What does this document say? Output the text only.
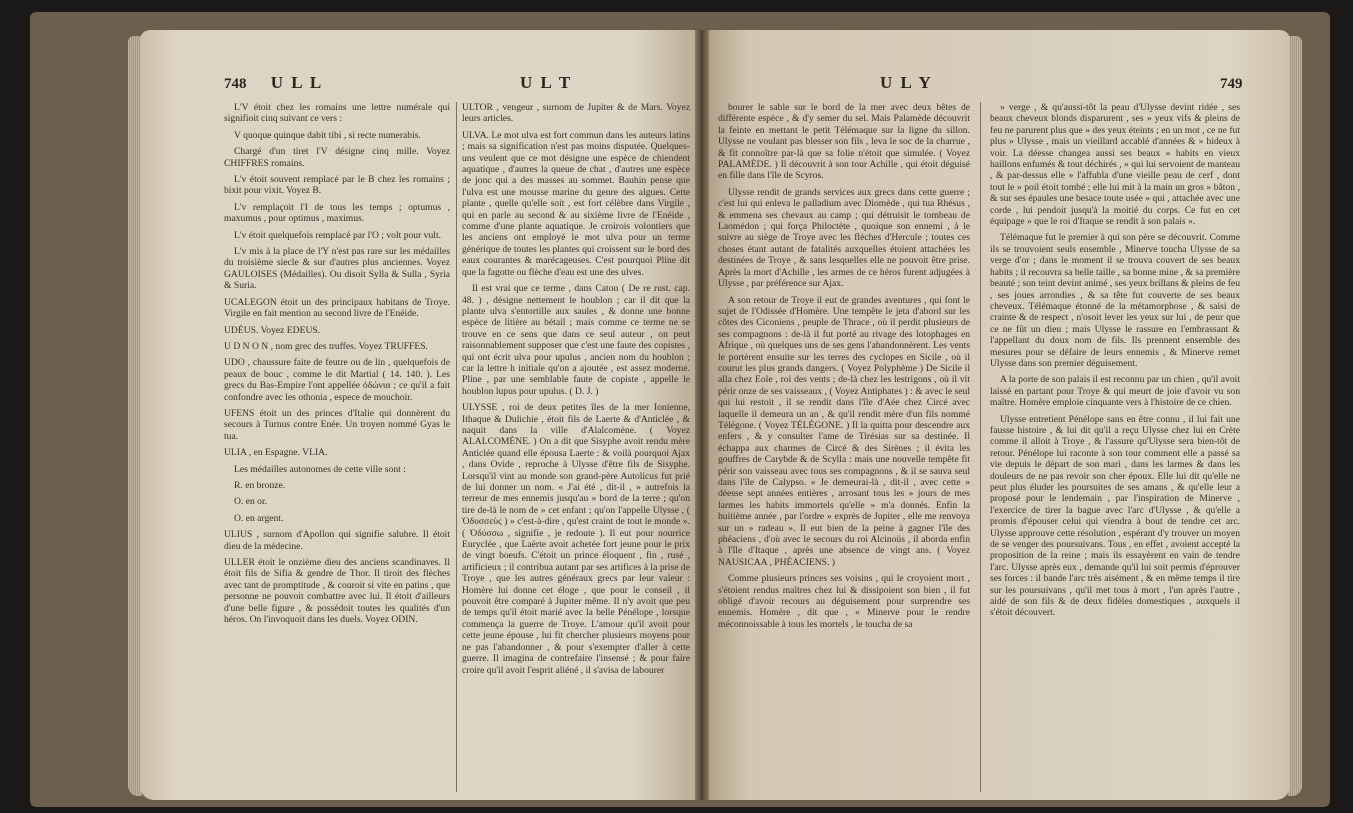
748 U L L	U L T

L'V étoit chez les romains une lettre numérale qui signifioit cinq suivant ce vers :

V quoque quinque dabit tibi , si recte numerabis.

Chargé d'un tiret l'V désigne cinq mille. Voyez CHIFFRES romains.

L'v étoit souvent remplacé par le B chez les romains ; bixit pour vixit. Voyez B.

L'v remplaçoit l'I de tous les temps ; optumus , maxumus , pour optimus , maximus.

L'v étoit quelquefois remplacé par l'O ; volt pour vult.

L'v mis à la place de l'Y n'est pas rare sur les médailles du troisième siecle & sur d'autres plus anciennes. Voyez GAULOISES (Médailles). Ou disoit Sylla & Sulla , Syria & Suria.

UCALEGON étoit un des principaux habitans de Troye. Virgile en fait mention au second livre de l'Enéide.

UDÉUS. Voyez EDEUS.

U D N O N , nom grec des truffes. Voyez TRUFFES.

UDO , chaussure faite de feutre ou de lin , quelquefois de peaux de bouc , comme le dit Martial ( 14. 140. ). Les grecs du Bas-Empire l'ont appellée ὀδώνια ; ce qu'il a fait confondre avec les othonia , espece de mouchoir.

UFENS étoit un des princes d'Italie qui donnèrent du secours à Turnus contre Enée. Un troyen nommé Gyas le tua.

ULIA , en Espagne. VLIA.

Les médailles autonomes de cette ville sont :

R. en bronze.

O. en or.

O. en argent.

ULIUS , surnom d'Apollon qui signifie salubre. Il étoit dieu de la médecine.

ULLER étoit le onzième dieu des anciens scandinaves. Il étoit fils de Sifia & gendre de Thor. Il tiroit des flèches avec tant de promptitude , & couroit si vite en patins , que personne ne pouvoit combattre avec lui. Il étoit d'ailleurs d'une belle figure , & possédoit toutes les qualités d'un héros. On l'invoquoit dans les duels. Voyez ODIN.

ULTOR , vengeur , surnom de Jupiter & de Mars. Voyez leurs articles.

ULVA. Le mot ulva est fort commun dans les auteurs latins ; mais sa signification n'est pas moins disputée. Quelques-uns veulent que ce mot désigne une espèce de chiendent aquatique , d'autres la queue de chat , d'autres une espèce de jonc qui a des masses au sommet. Bauhin pense que l'ulva est une mousse marine du genre des algues. Cette plante , quelle qu'elle soit , est fort célèbre dans Virgile , qui en parle au second & au sixième livre de l'Enéide , comme d'une plante aquatique. Je croirois volontiers que les anciens ont employé le mot ulva pour un terme générique de toutes les plantes qui croissent sur le bord des eaux courantes & marécageuses. C'est pourquoi Pline dit que la fagotte ou flèche d'eau est une des ulves.

Il est vrai que ce terme , dans Caton ( De re rust. cap. 48. ) , désigne nettement le houblon ; car il dit que la plante ulva s'entortille aux saules , & donne une bonne espèce de litière au bétail ; mais comme ce terme ne se trouve en ce sens que dans ce seul auteur , on peut raisonnablement supposer que c'est une faute des copistes , qui ont écrit ulva pour upulus , ancien nom du houblon ; car la lettre h initiale qu'on a ajoutée , est assez moderne. Pline , par une semblable faute de copiste , appelle le houblon lupus pour upulus. ( D. J. )

ULYSSE , roi de deux petites îles de la mer Ionienne, Ithaque & Dulichie , étoit fils de Laerte & d'Anticlée , & naquit dans la ville d'Alalcomène. ( Voyez ALALCOMÈNE. ) On a dit que Sisyphe avoit rendu mère Anticlée quand elle épousa Laerte : & voilà pourquoi Ajax , dans Ovide , reproche à Ulysse d'être fils de Sisyphe. Lorsqu'il vint au monde son grand-père Autolicus fut prié de lui donner un nom. « J'ai été , dit-il , » autrefois la terreur de mes ennemis jusqu'au » bord de la terre ; qu'on tire de-là le nom de » cet enfant ; qu'on l'appelle Ulysse , ( Ὀδυσσεὺς ) » c'est-à-dire , qu'est craint de tout le monde ». ( Ὀδύσσω , signifie , je redoute ). Il eut pour nourrice Euryclée , que Laërte avoit achetée fort jeune pour le prix de vingt boeufs. C'étoit un prince éloquent , fin , rusé , artificieux ; il contribua autant par ses artifices à la prise de Troye , que les autres généraux grecs par leur valeur : Homère lui donne cet éloge , que pour le conseil , il pouvoit être comparé à Jupiter même. Il n'y avoit que peu de temps qu'il étoit marié avec la belle Pénélope , lorsque commença la guerre de Troye. L'amour qu'il avoit pour cette jeune épouse , lui fit chercher plusieurs moyens pour ne pas l'abandonner , & pour s'exempter d'aller à cette guerre. Il imagina de contrefaire l'insensé ; & pour faire croire qu'il avoit l'esprit aliéné , il s'avisa de labourer

U L Y	749

bourer le sable sur le bord de la mer avec deux bêtes de différente espèce , & d'y semer du sel. Mais Palamède découvrit la feinte en mettant le petit Télémaque sur la ligne du sillon. Ulysse ne voulant pas blesser son fils , leva le soc de la charrue , & fit connoître par-là que sa folie n'étoit que simulée. ( Voyez PALAMÈDE. ) Il découvrit à son tour Achille , qui étoit déguisé en fille dans l'île de Scyros.

Ulysse rendit de grands services aux grecs dans cette guerre ; c'est lui qui enleva le palladium avec Diomède , qui tua Rhésus , & emmena ses chevaux au camp ; qui détruisit le tombeau de Laomédon ; qui força Philoctète , quoique son ennemi , à le suivre au siège de Troye avec les flèches d'Hercule ; toutes ces choses étant autant de fatalités auxquelles étoient attachées les destinées de Troye , & sans lesquelles elle ne pouvoit être prise. Après la mort d'Achille , les armes de ce héros furent adjugées à Ulysse , par préférence sur Ajax.

A son retour de Troye il eut de grandes aventures , qui font le sujet de l'Odissée d'Homère. Une tempête le jeta d'abord sur les côtes des Ciconiens , peuple de Thrace , où il perdit plusieurs de ses compagnons : de-là il fut porté au rivage des lotophages en Afrique , où quelques uns de ses gens l'abandonnèrent. Les vents le portèrent ensuite sur les terres des cyclopes en Sicile , où il courut les plus grands dangers. ( Voyez Polyphème ) De Sicile il alla chez Eole , roi des vents ; de-là chez les lestrigons , où il vit périr onze de ses vaisseaux , ( Voyez Antiphates ) : & avec le seul qui lui restoit , il se rendit dans l'île d'Aée chez Circé avec laquelle il demeura un an , & qu'il rendit mère d'un fils nommé Télégone. ( Voyez TÉLÉGONE. ) Il la quitta pour descendre aux enfers , & y consulter l'ame de Tirésias sur sa destinée. Il échappa aux charmes de Circé & des Sirènes ; il évita les gouffres de Carybde & de Scylla : mais une nouvelle tempête fit périr son vaisseau avec tous ses compagnons , & il se sauva seul dans l'île de Calypso. « Je demeurai-là , dit-il , avec cette » déesse sept années entières , arrosant tous les » jours de mes larmes les habits immortels qu'elle » m'a donnés. Enfin la huitième année , par l'ordre » exprès de Jupiter , elle me renvoya sur un » radeau ». Il eut bien de la peine à gagner l'île des phéaciens , d'où avec le secours du roi Alcinoüs , il aborda enfin à l'île d'Itaque , après une absence de vingt ans. ( Voyez NAUSICAA , PHÉACIENS. )

Comme plusieurs princes ses voisins , qui le croyoient mort , s'étoient rendus maîtres chez lui & dissipoient son bien , il fut obligé d'avoir recours au déguisement pour surprendre ses ennemis. Homère , dit que , « Minerve pour le rendre méconnoissable à tous les mortels , le toucha de sa

» verge , & qu'aussi-tôt la peau d'Ulysse devint ridée , ses beaux cheveux blonds disparurent , ses » yeux vifs & pleins de feu ne parurent plus que » des yeux éteints ; en un mot , ce ne fut plus » Ulysse , mais un vieillard accablé d'années & » hideux à voir. La déesse changea aussi ses beaux » habits en vieux haillons enfumés & tout déchirés , » qui lui servoient de manteau , & par-dessus elle » l'affubla d'une vieille peau de cerf , dont tout le » poil étoit tombé ; elle lui mit à la main un gros » bâton , & sur ses épaules une besace toute usée » qui , attachée avec une corde , lui pendoit jusqu'à la moitié du corps. Ce fut en cet équipage » que le roi d'Itaque se rendit à son palais ».

Télémaque fut le premier à qui son père se découvrit. Comme ils se trouvoient seuls ensemble , Minerve toucha Ulysse de sa verge d'or ; dans le moment il se trouva couvert de ses beaux habits ; il recouvra sa belle taille , sa bonne mine , & sa première beauté ; son teint devint animé , ses yeux brillans & pleins de feu , ses joues arrondies , & sa tête fut couverte de ses beaux cheveux. Télémaque étonné de la métamorphose , & saisi de crainte & de respect , n'osoit lever les yeux sur lui , de peur que ce ne fût un dieu ; mais Ulysse le rassure en l'embrassant & l'appellant du doux nom de fils. Ils prennent ensemble des mesures pour se défaire de leurs ennemis , & Minerve remet Ulysse dans son premier déguisement.

A la porte de son palais il est reconnu par un chien , qu'il avoit laissé en partant pour Troye & qui meurt de joie d'avoir vu son maître. Homère emploie cinquante vers à l'histoire de ce chien.

Ulysse entretient Pénélope sans en être connu , il lui fait une fausse histoire , & lui dit qu'il a reçu Ulysse chez lui en Crète comme il alloit à Troye , & l'assure qu'Ulysse sera bien-tôt de retour. Pénélope lui raconte à son tour comment elle a passé sa vie depuis le départ de son mari , dans les larmes & dans les douleurs de ne pas revoir son cher époux. Elle lui dit qu'elle ne peut plus éluder les poursuites de ses amans , & qu'elle leur a proposé pour le lendemain , par l'inspiration de Minerve , l'exercice de tirer la bague avec l'arc d'Ulysse , & qu'elle a promis d'épouser celui qui viendra à bout de tendre cet arc. Ulysse approuve cette résolution , espérant d'y trouver un moyen de se venger des poursuivans. Tous , en effet , avoient accepté la proposition de la reine ; mais ils essayèrent en vain de tendre l'arc. Ulysse après eux , demande qu'il lui soit permis d'éprouver ses forces : il bande l'arc très aisément , & en même temps il tire sur les poursuivans , qu'il met tous à mort , l'un après l'autre , aidé de son fils & de deux fidèles domestiques , auxquels il s'étoit découvert.
